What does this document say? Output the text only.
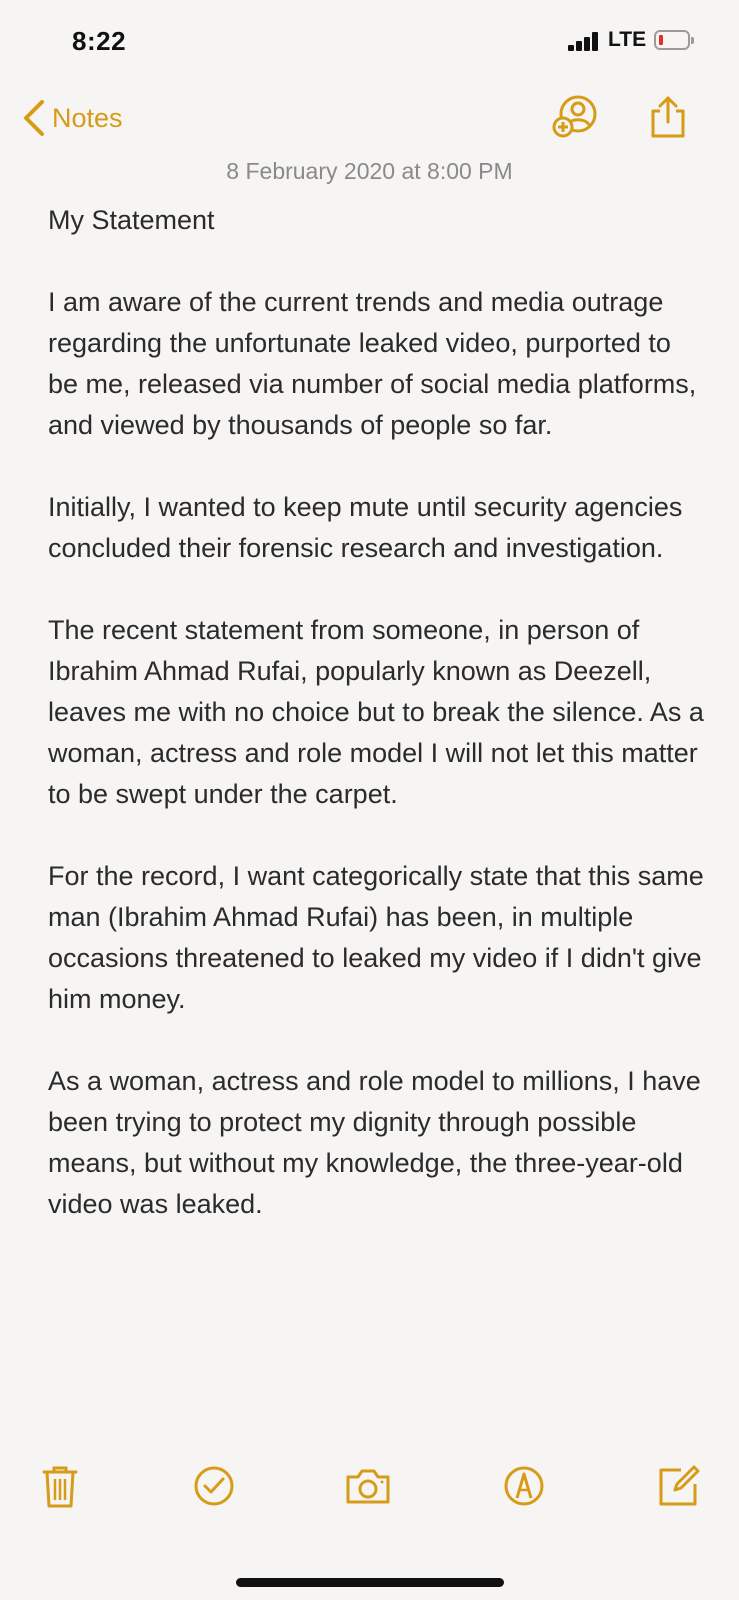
8:22	LTE
Notes
8 February 2020 at 8:00 PM

My Statement

I am aware of the current trends and media outrage regarding the unfortunate leaked video, purported to be me, released via number of social media platforms, and viewed by thousands of people so far.

Initially, I wanted to keep mute until security agencies concluded their forensic research and investigation.

The recent statement from someone, in person of Ibrahim Ahmad Rufai, popularly known as Deezell, leaves me with no choice but to break the silence. As a woman, actress and role model I will not let this matter to be swept under the carpet.

For the record, I want categorically state that this same man (Ibrahim Ahmad Rufai) has been, in multiple occasions threatened to leaked my video if I didn't give him money.

As a woman, actress and role model to millions, I have been trying to protect my dignity through possible means, but without my knowledge, the three-year-old video was leaked.
